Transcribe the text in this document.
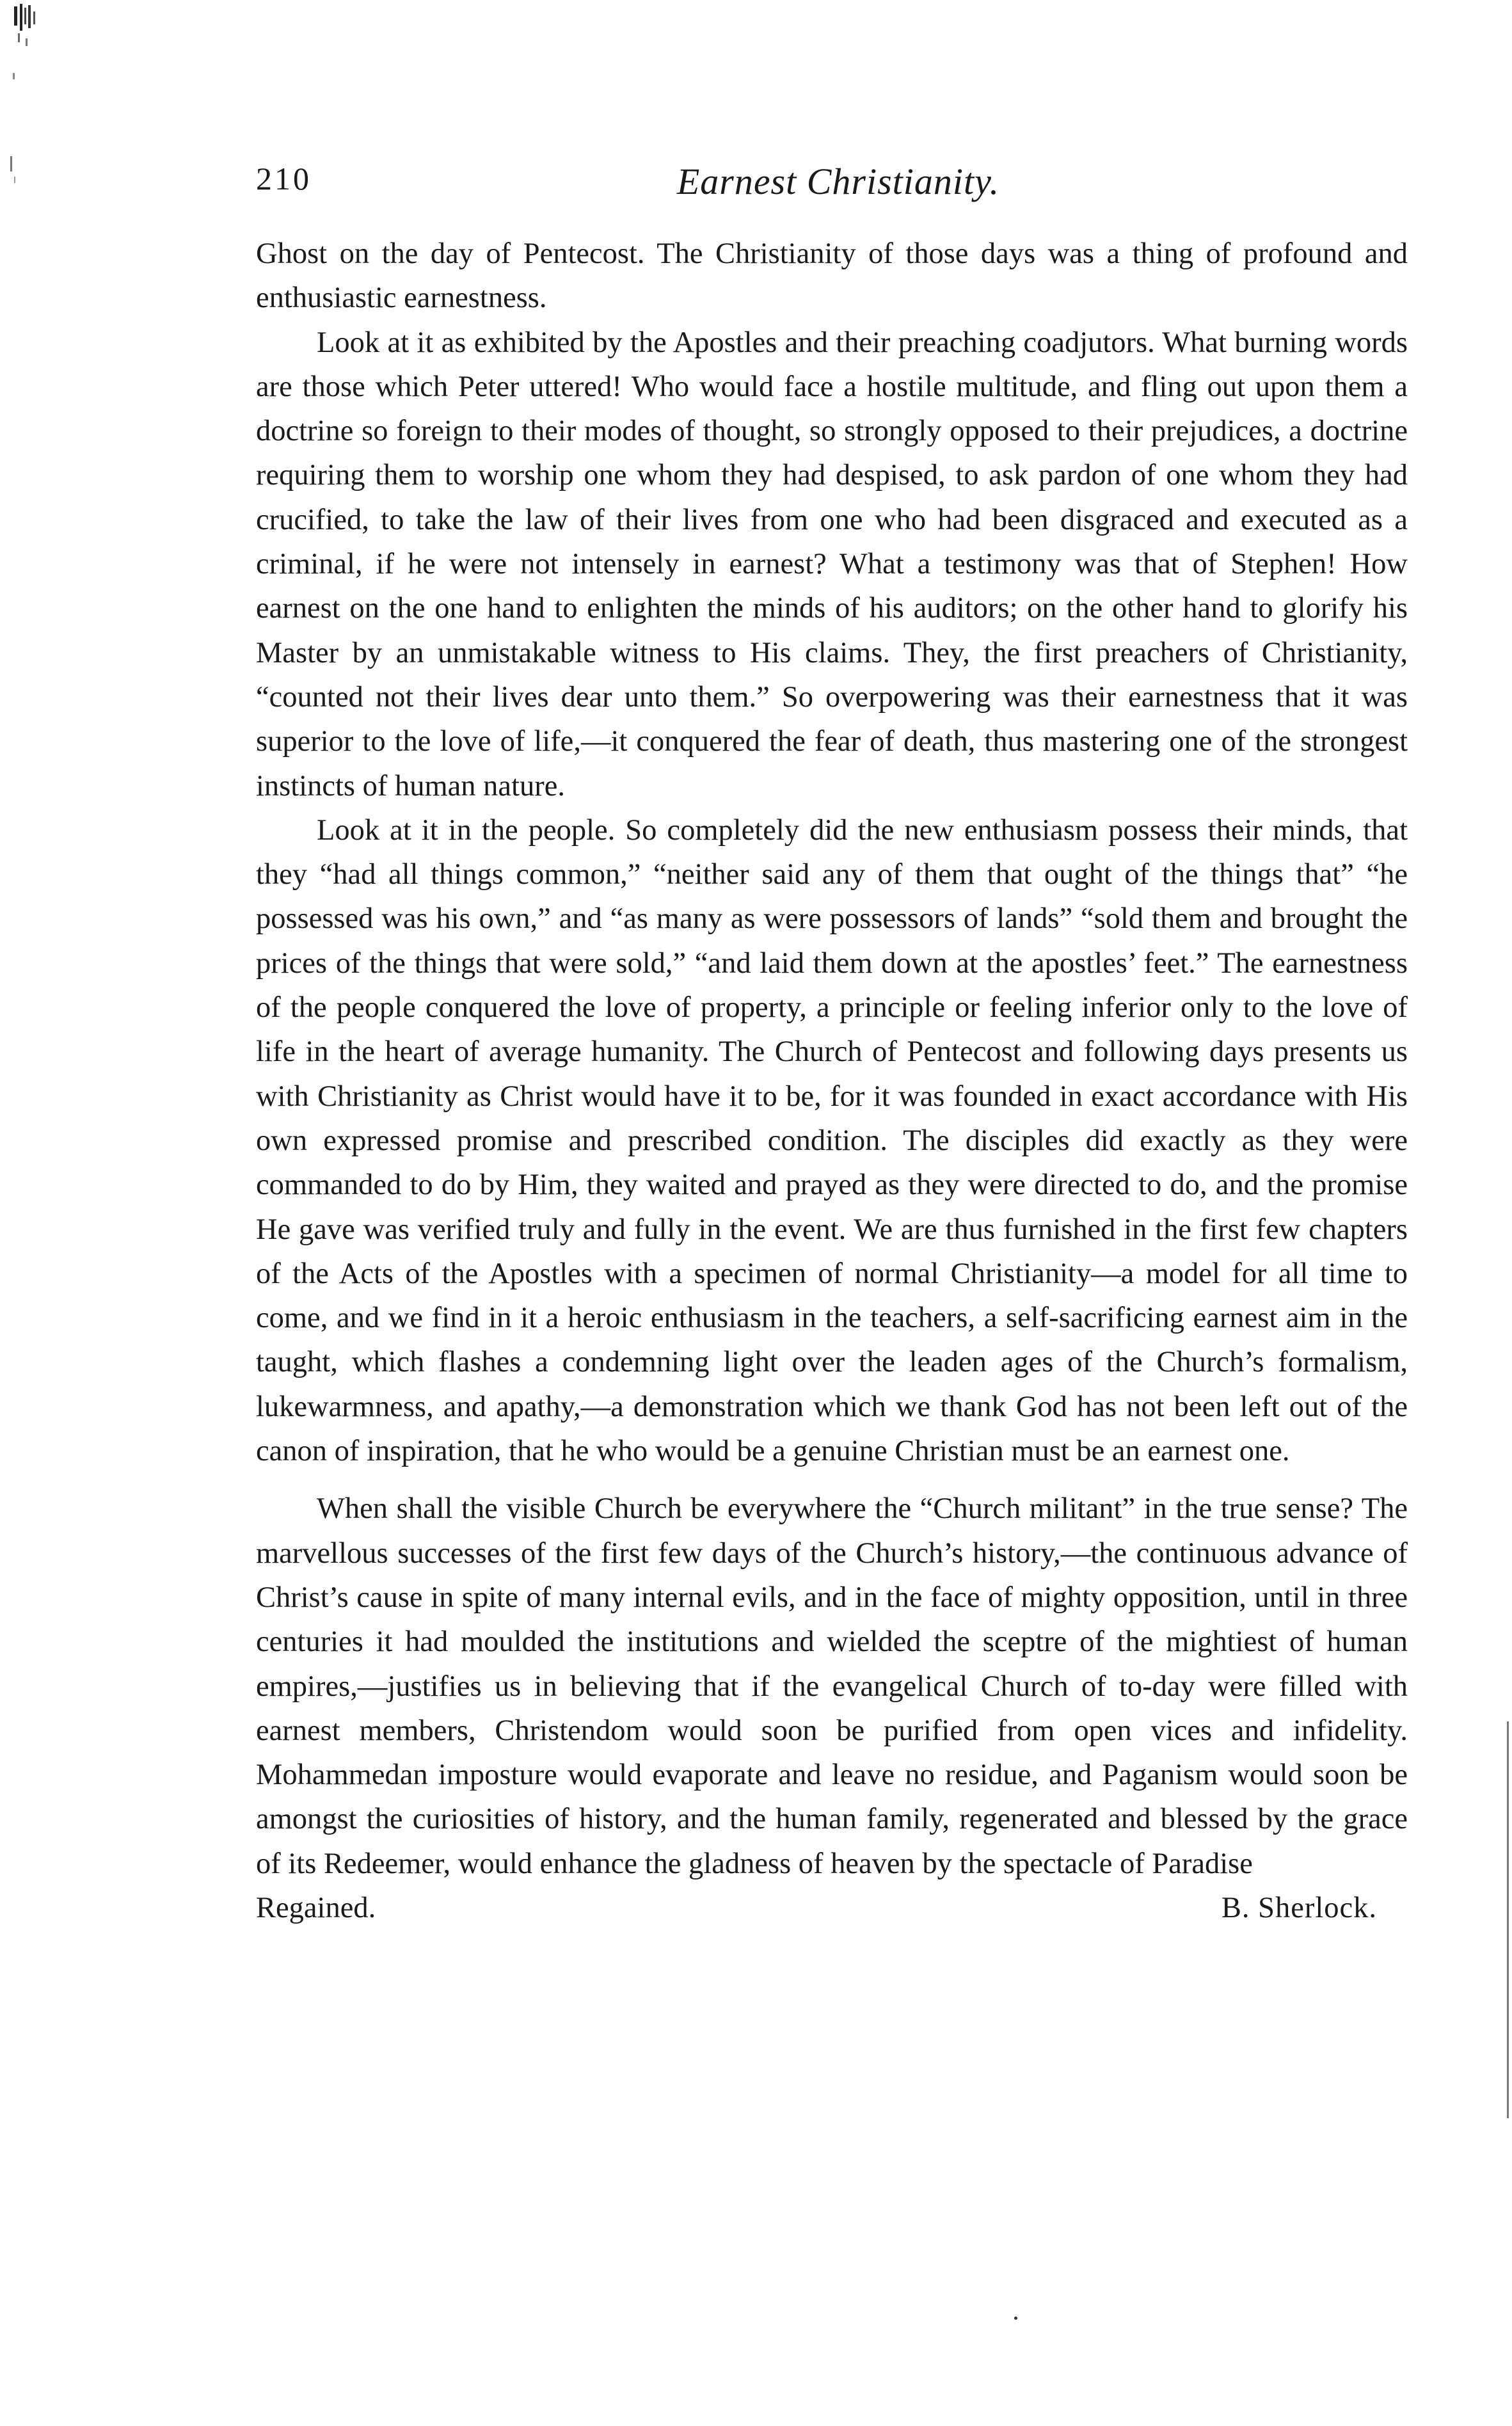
210	Earnest Christianity.

Ghost on the day of Pentecost. The Christianity of those days was a thing of profound and enthusiastic earnestness.

Look at it as exhibited by the Apostles and their preaching coadjutors. What burning words are those which Peter uttered! Who would face a hostile multitude, and fling out upon them a doctrine so foreign to their modes of thought, so strongly opposed to their prejudices, a doctrine requiring them to worship one whom they had despised, to ask pardon of one whom they had crucified, to take the law of their lives from one who had been disgraced and executed as a criminal, if he were not intensely in earnest? What a testimony was that of Stephen! How earnest on the one hand to enlighten the minds of his auditors; on the other hand to glorify his Master by an unmistakable witness to His claims. They, the first preachers of Christianity, “counted not their lives dear unto them.” So overpowering was their earnestness that it was superior to the love of life,—it conquered the fear of death, thus mastering one of the strongest instincts of human nature.

Look at it in the people. So completely did the new enthusiasm possess their minds, that they “had all things common,” “neither said any of them that ought of the things that” “he possessed was his own,” and “as many as were possessors of lands” “sold them and brought the prices of the things that were sold,” “and laid them down at the apostles’ feet.” The earnestness of the people conquered the love of property, a principle or feeling inferior only to the love of life in the heart of average humanity. The Church of Pentecost and following days presents us with Christianity as Christ would have it to be, for it was founded in exact accordance with His own expressed promise and prescribed condition. The disciples did exactly as they were commanded to do by Him, they waited and prayed as they were directed to do, and the promise He gave was verified truly and fully in the event. We are thus furnished in the first few chapters of the Acts of the Apostles with a specimen of normal Christianity—a model for all time to come, and we find in it a heroic enthusiasm in the teachers, a self-sacrificing earnest aim in the taught, which flashes a condemning light over the leaden ages of the Church’s formalism, lukewarmness, and apathy,—a demonstration which we thank God has not been left out of the canon of inspiration, that he who would be a genuine Christian must be an earnest one.

When shall the visible Church be everywhere the “Church militant” in the true sense? The marvellous successes of the first few days of the Church’s history,—the continuous advance of Christ’s cause in spite of many internal evils, and in the face of mighty opposition, until in three centuries it had moulded the institutions and wielded the sceptre of the mightiest of human empires,—justifies us in believing that if the evangelical Church of to-day were filled with earnest members, Christendom would soon be purified from open vices and infidelity. Mohammedan imposture would evaporate and leave no residue, and Paganism would soon be amongst the curiosities of history, and the human family, regenerated and blessed by the grace of its Redeemer, would enhance the gladness of heaven by the spectacle of Paradise

Regained.	B. Sherlock.
